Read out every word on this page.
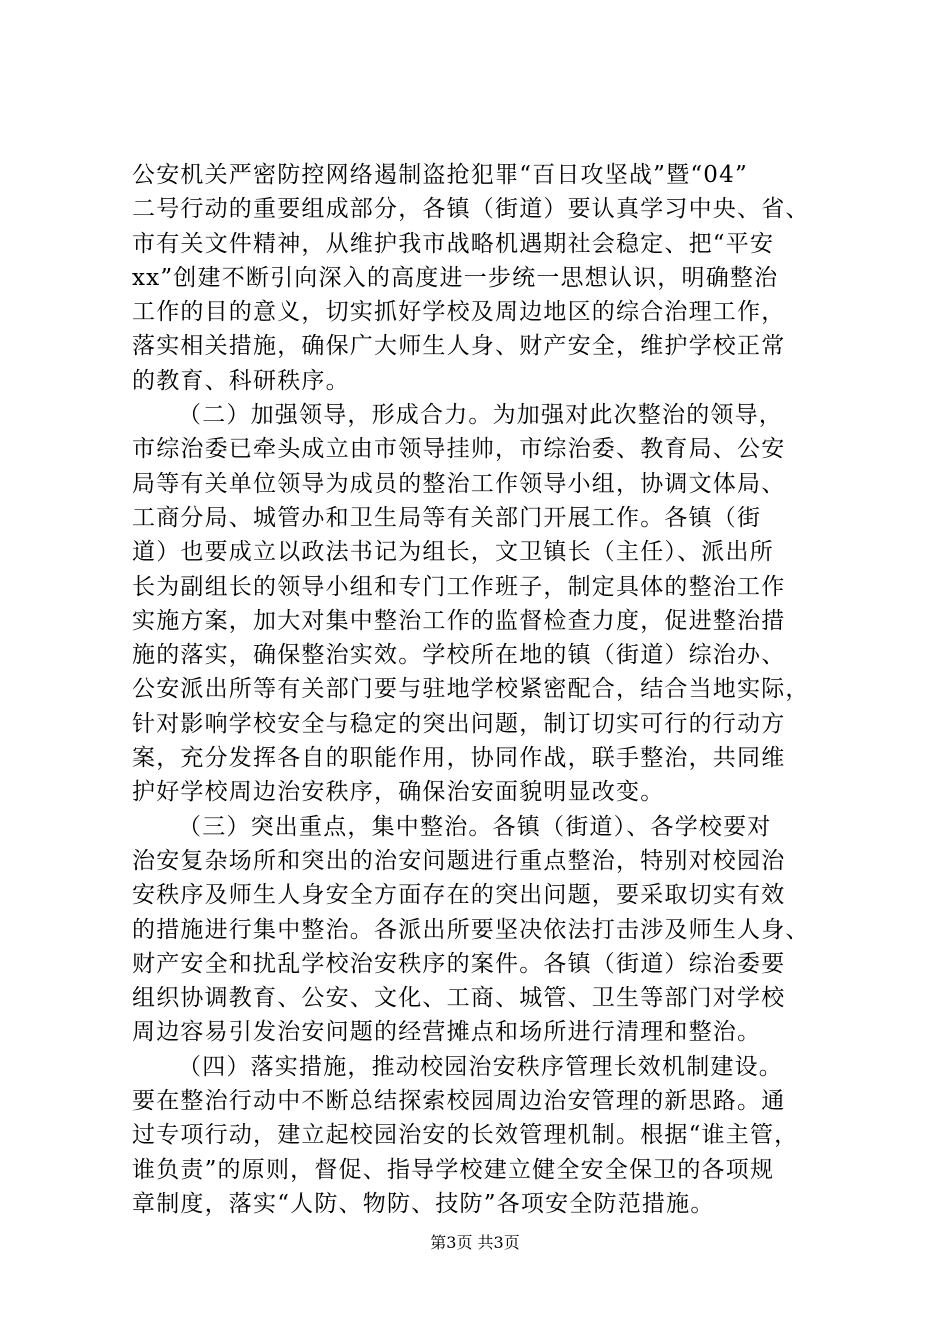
公安机关严密防控网络遏制盗抢犯罪“百日攻坚战”暨“04”
二号行动的重要组成部分，各镇（街道）要认真学习中央、省、
市有关文件精神，从维护我市战略机遇期社会稳定、把“平安
xx”创建不断引向深入的高度进一步统一思想认识，明确整治
工作的目的意义，切实抓好学校及周边地区的综合治理工作，
落实相关措施，确保广大师生人身、财产安全，维护学校正常
的教育、科研秩序。
（二）加强领导，形成合力。为加强对此次整治的领导，
市综治委已牵头成立由市领导挂帅，市综治委、教育局、公安
局等有关单位领导为成员的整治工作领导小组，协调文体局、
工商分局、城管办和卫生局等有关部门开展工作。各镇（街
道）也要成立以政法书记为组长，文卫镇长（主任）、派出所
长为副组长的领导小组和专门工作班子，制定具体的整治工作
实施方案，加大对集中整治工作的监督检查力度，促进整治措
施的落实，确保整治实效。学校所在地的镇（街道）综治办、
公安派出所等有关部门要与驻地学校紧密配合，结合当地实际，
针对影响学校安全与稳定的突出问题，制订切实可行的行动方
案，充分发挥各自的职能作用，协同作战，联手整治，共同维
护好学校周边治安秩序，确保治安面貌明显改变。
（三）突出重点，集中整治。各镇（街道）、各学校要对
治安复杂场所和突出的治安问题进行重点整治，特别对校园治
安秩序及师生人身安全方面存在的突出问题，要采取切实有效
的措施进行集中整治。各派出所要坚决依法打击涉及师生人身、
财产安全和扰乱学校治安秩序的案件。各镇（街道）综治委要
组织协调教育、公安、文化、工商、城管、卫生等部门对学校
周边容易引发治安问题的经营摊点和场所进行清理和整治。
（四）落实措施，推动校园治安秩序管理长效机制建设。
要在整治行动中不断总结探索校园周边治安管理的新思路。通
过专项行动，建立起校园治安的长效管理机制。根据“谁主管，
谁负责”的原则，督促、指导学校建立健全安全保卫的各项规
章制度，落实“人防、物防、技防”各项安全防范措施。
第3页 共3页
